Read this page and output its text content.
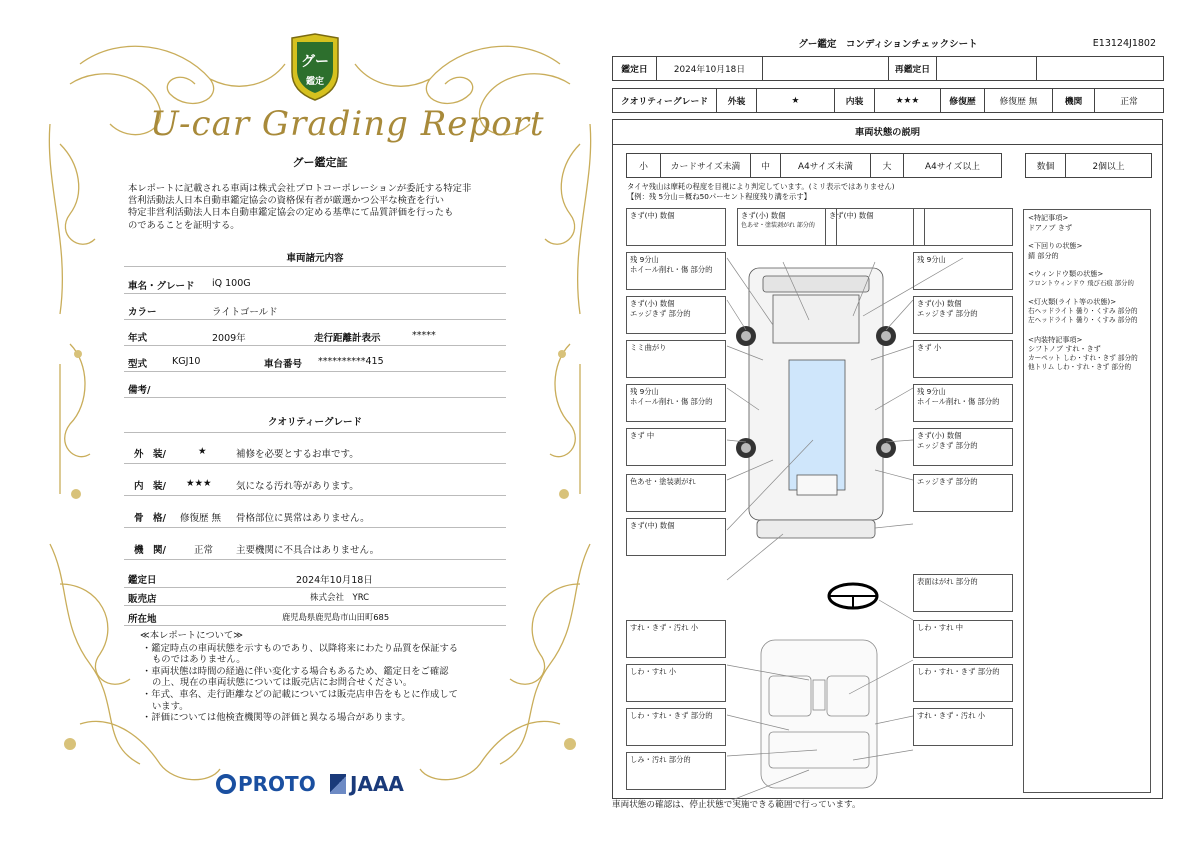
グー
鑑定
U-car Grading Report
グー鑑定証
本レポートに記載される車両は株式会社プロトコーポレーションが委託する特定非
営利活動法人日本自動車鑑定協会の資格保有者が厳選かつ公平な検査を行い
特定非営利活動法人日本自動車鑑定協会の定める基準にて品質評価を行ったも
のであることを証明する。
車両諸元内容
車名・グレード iQ 100G
カラー	ライトゴールド
年式	2009年	走行距離計表示	*****
型式	KGJ10	車台番号 **********415
備考/
クオリティーグレード
外　装/	★	補修を必要とするお車です。
内　装/ ★★★	気になる汚れ等があります。
骨　格/ 修復歴 無 骨格部位に異常はありません。
機　関/	正常 主要機関に不具合はありません。
鑑定日	2024年10月18日
販売店	株式会社　YRC
所在地	鹿児島県鹿児島市山田町685
≪本レポートについて≫
・鑑定時点の車両状態を示すものであり、以降将来にわたり品質を保証する
ものではありません。
・車両状態は時間の経過に伴い変化する場合もあるため、鑑定日をご確認
の上、現在の車両状態については販売店にお問合せください。
・年式、車名、走行距離などの記載については販売店申告をもとに作成して
います。
・評価については他検査機関等の評価と異なる場合があります。
PROTO	JAAA
グー鑑定　コンディションチェックシート	E13124J1802
鑑定日	2024年10月18日		再鑑定日		
クオリティーグレード	外装	★	内装	★★★	修復歴	修復歴 無	機関	正常
車両状態の説明
小	カードサイズ未満	中	A4サイズ未満	大	A4サイズ以上	数個	2個以上
タイヤ残山は摩耗の程度を目視により判定しています。(ミリ表示ではありません)
【例：残 5分山＝概ね50パーセント程度残り溝を示す】
きず(中) 数個	きず(小) 数個
色あせ・塗装剥がれ 部分的
きず(中) 数個
残 9分山
ホイール削れ・傷 部分的
残 9分山
きず(小) 数個
エッジきず 部分的
きず(小) 数個
エッジきず 部分的
ミミ曲がり	きず 小
残 9分山
ホイール削れ・傷 部分的
残 9分山
ホイール削れ・傷 部分的
きず 中	きず(小) 数個
エッジきず 部分的
色あせ・塗装剥がれ	エッジきず 部分的
きず(中) 数個
表面はがれ 部分的
すれ・きず・汚れ 小	しわ・すれ 中
しわ・すれ 小	しわ・すれ・きず 部分的
しわ・すれ・きず 部分的	すれ・きず・汚れ 小
しみ・汚れ 部分的
<特記事項>
ドアノブ きず
<下回りの状態>
錆 部分的
<ウィンドウ類の状態>
フロントウィンドウ 飛び石痕 部分的
<灯火類(ライト等の状態)>
右ヘッドライト 曇り・くすみ 部分的
左ヘッドライト 曇り・くすみ 部分的
<内装特記事項>
シフトノブ すれ・きず
カーペット しわ・すれ・きず 部分的
他トリム しわ・すれ・きず 部分的
車両状態の確認は、停止状態で実施できる範囲で行っています。
